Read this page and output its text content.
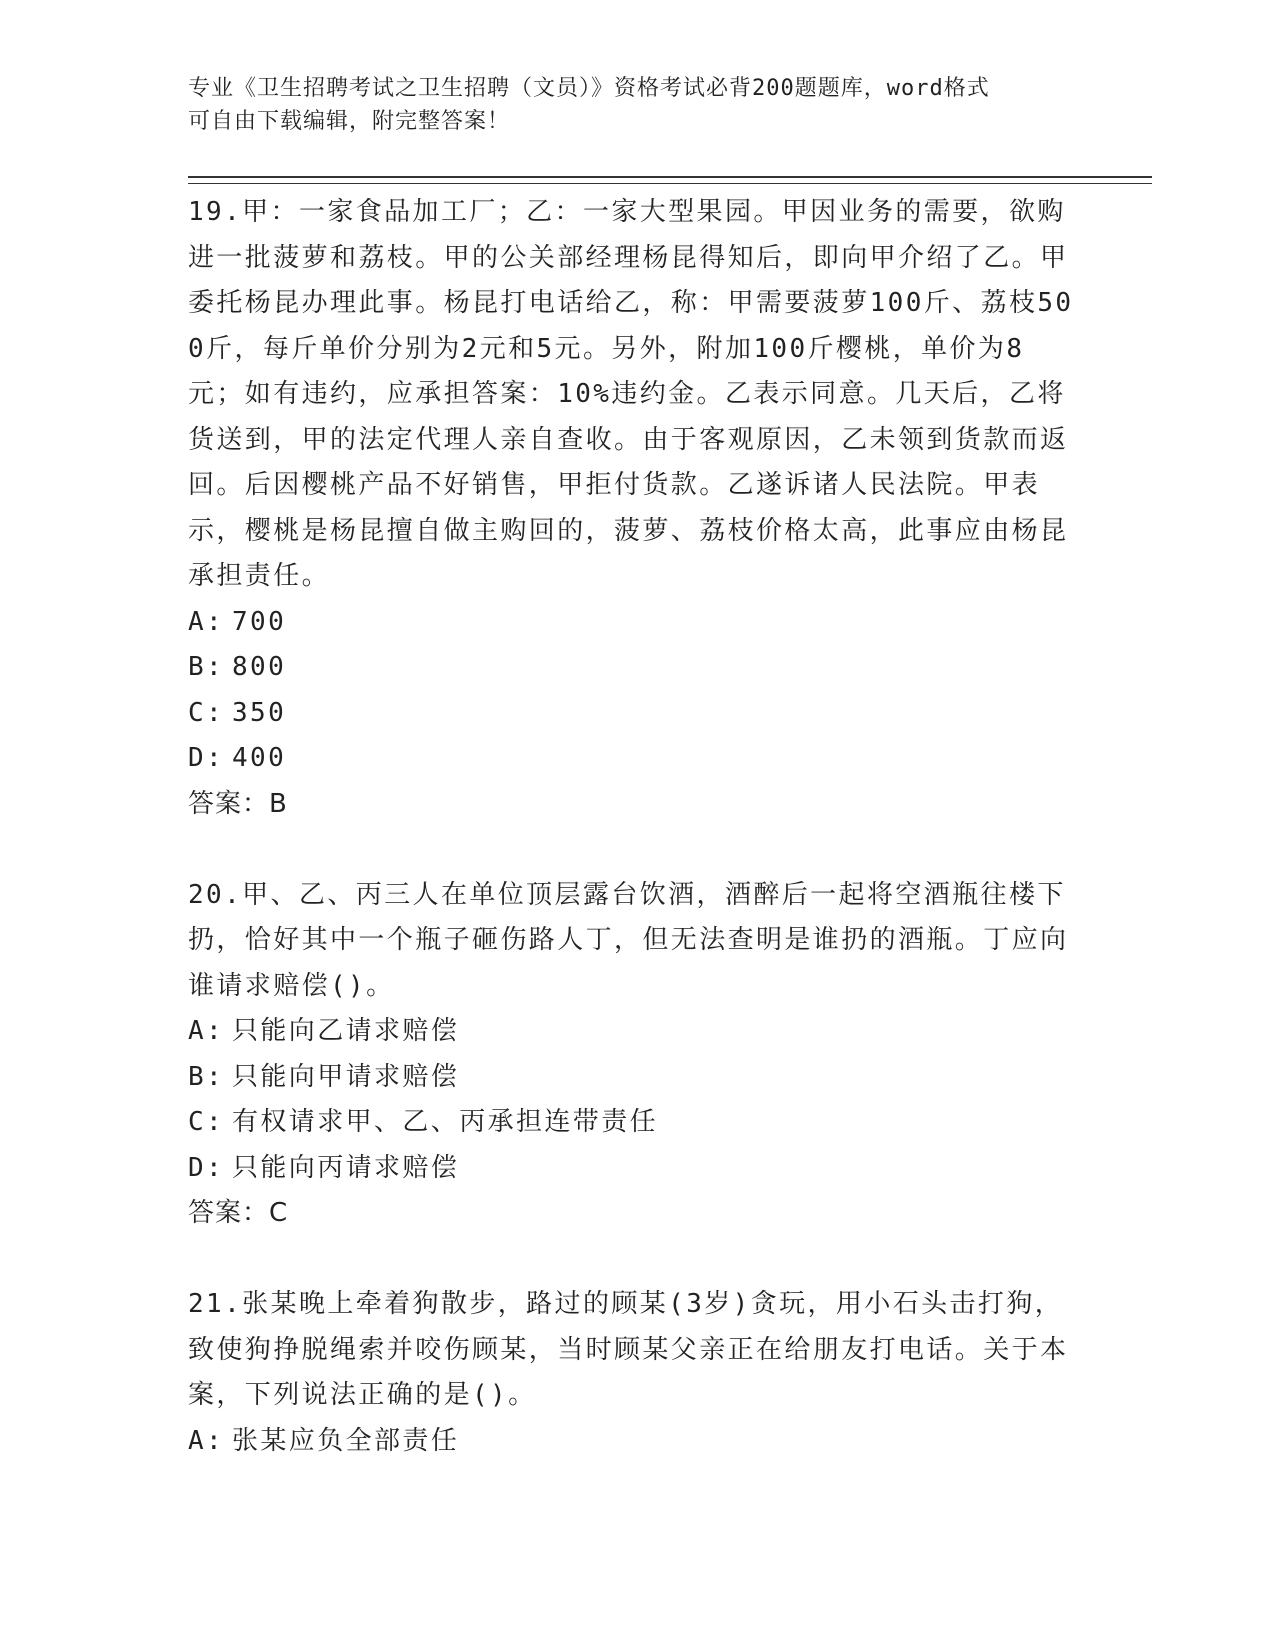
专业《卫生招聘考试之卫生招聘（文员）》资格考试必背200题题库，word格式
可自由下载编辑，附完整答案！

19.甲：一家食品加工厂；乙：一家大型果园。甲因业务的需要，欲购进一批菠萝和荔枝。甲的公关部经理杨昆得知后，即向甲介绍了乙。甲委托杨昆办理此事。杨昆打电话给乙，称：甲需要菠萝100斤、荔枝500斤，每斤单价分别为2元和5元。另外，附加100斤樱桃，单价为8元；如有违约，应承担答案：10%违约金。乙表示同意。几天后，乙将货送到，甲的法定代理人亲自查收。由于客观原因，乙未领到货款而返回。后因樱桃产品不好销售，甲拒付货款。乙遂诉诸人民法院。甲表示，樱桃是杨昆擅自做主购回的，菠萝、荔枝价格太高，此事应由杨昆承担责任。

A: 700

B: 800

C: 350

D: 400

答案：B

20.甲、乙、丙三人在单位顶层露台饮酒，酒醉后一起将空酒瓶往楼下扔，恰好其中一个瓶子砸伤路人丁，但无法查明是谁扔的酒瓶。丁应向谁请求赔偿()。

A: 只能向乙请求赔偿

B: 只能向甲请求赔偿

C: 有权请求甲、乙、丙承担连带责任

D: 只能向丙请求赔偿

答案：C

21.张某晚上牵着狗散步，路过的顾某(3岁)贪玩，用小石头击打狗，致使狗挣脱绳索并咬伤顾某，当时顾某父亲正在给朋友打电话。关于本案，下列说法正确的是()。

A: 张某应负全部责任
